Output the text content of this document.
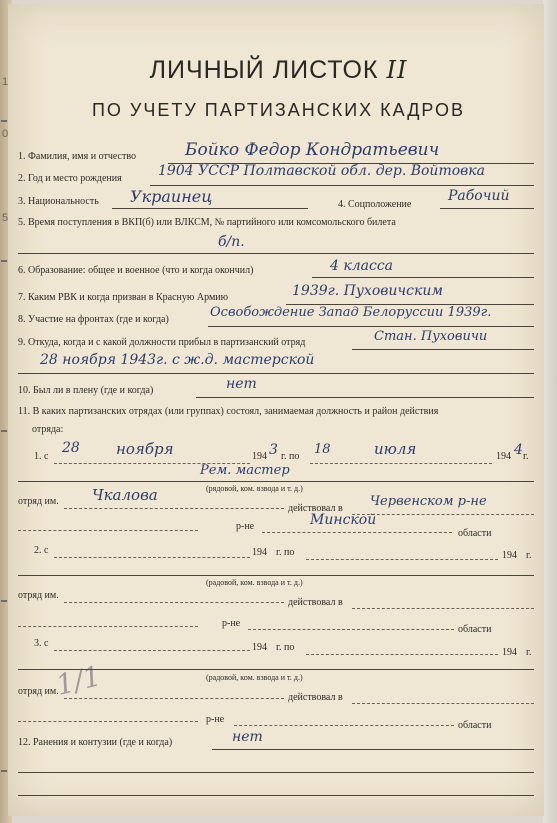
1
0
5
ЛИЧНЫЙ ЛИСТОК II
ПО УЧЕТУ ПАРТИЗАНСКИХ КАДРОВ
1. Фамилия, имя и отчество	Бойко Федор Кондратьевич
2. Год и место рождения	1904 УССР Полтавской обл. дер. Войтовка
3. Национальность Украинец	4. Соцположение
Рабочий
5. Время поступления в ВКП(б) или ВЛКСМ, № партийного или комсомольского билета
б/п.
6. Образование: общее и военное (что и когда окончил)	4 класса
7. Каким РВК и когда призван в Красную Армию	1939г. Пуховичским
8. Участие на фронтах (где и когда)	Освобождение Запад Белоруссии 1939г.
9. Откуда, когда и с какой должности прибыл в партизанский отряд	Стан. Пуховичи
28 ноября 1943г. с ж.д. мастерской
10. Был ли в плену (где и когда)	нет
11. В каких партизанских отрядах (или группах) состоял, занимаемая должность и район действия
отряда:
1. с
28 ноября	194 3 г. по 18	июля	194 4 г.
Рем. мастер
(рядовой, ком. взвода и т. д.)
отряд им. Чкалова
действовал в Червенском р-не
р-не	Минской
области
2. с	194 г. по	194 г.
(радовой, ком. взвода и т. д.)
отряд им.
действовал в
р-не
области
3. с	194 г. по	194 г.
(радовой, ком. взвода и т. д.)
отряд им.
действовал в
р-не
области
1/1
12. Ранения и контузии (где и когда)	нет
